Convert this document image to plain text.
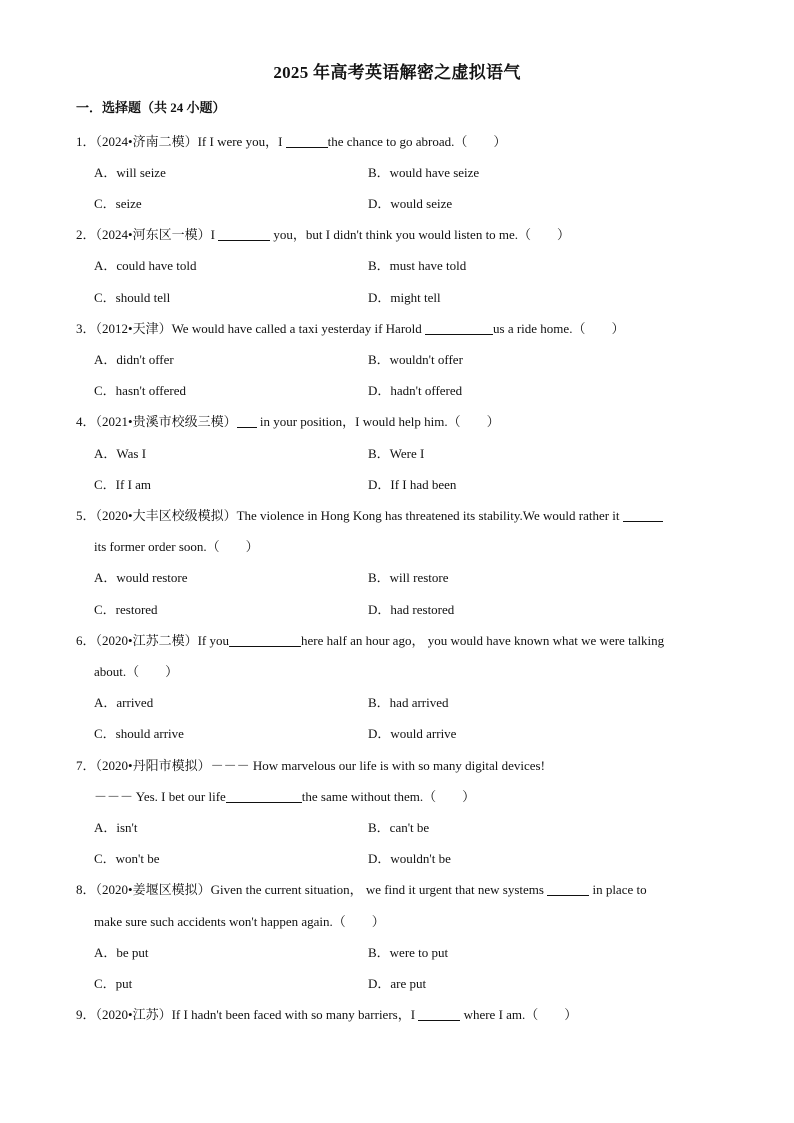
2025 年高考英语解密之虚拟语气
一．选择题（共 24 小题）
1．（2024•济南二模）If I were you，I	the chance to go abroad.（　　）
A．will seize	B．would have seize
C．seize	D．would seize
2．（2024•河东区一模）I	you，but I didn't think you would listen to me.（　　）
A．could have told	B．must have told
C．should tell	D．might tell
3．（2012•天津）We would have called a taxi yesterday if Harold	us a ride home.（　　）
A．didn't offer	B．wouldn't offer
C．hasn't offered	D．hadn't offered
4．（2021•贵溪市校级三模） in your position，I would help him.（　　）
A．Was I	B．Were I
C．If I am	D．If I had been
5．（2020•大丰区校级模拟）The violence in Hong Kong has threatened its stability.We would rather it
its former order soon.（　　）
A．would restore	B．will restore
C．restored	D．had restored
6．（2020•江苏二模）If you	here half an hour ago， you would have known what we were talking
about.（　　）
A．arrived	B．had arrived
C．should arrive	D．would arrive
7．（2020•丹阳市模拟）－－－ How marvelous our life is with so many digital devices!
－－－ Yes. I bet our life	the same without them.（　　）
A．isn't	B．can't be
C．won't be	D．wouldn't be
8．（2020•姜堰区模拟）Given the current situation， we find it urgent that new systems	in place to
make sure such accidents won't happen again.（　　）
A．be put	B．were to put
C．put	D．are put
9．（2020•江苏）If I hadn't been faced with so many barriers，I	where I am.（　　）
